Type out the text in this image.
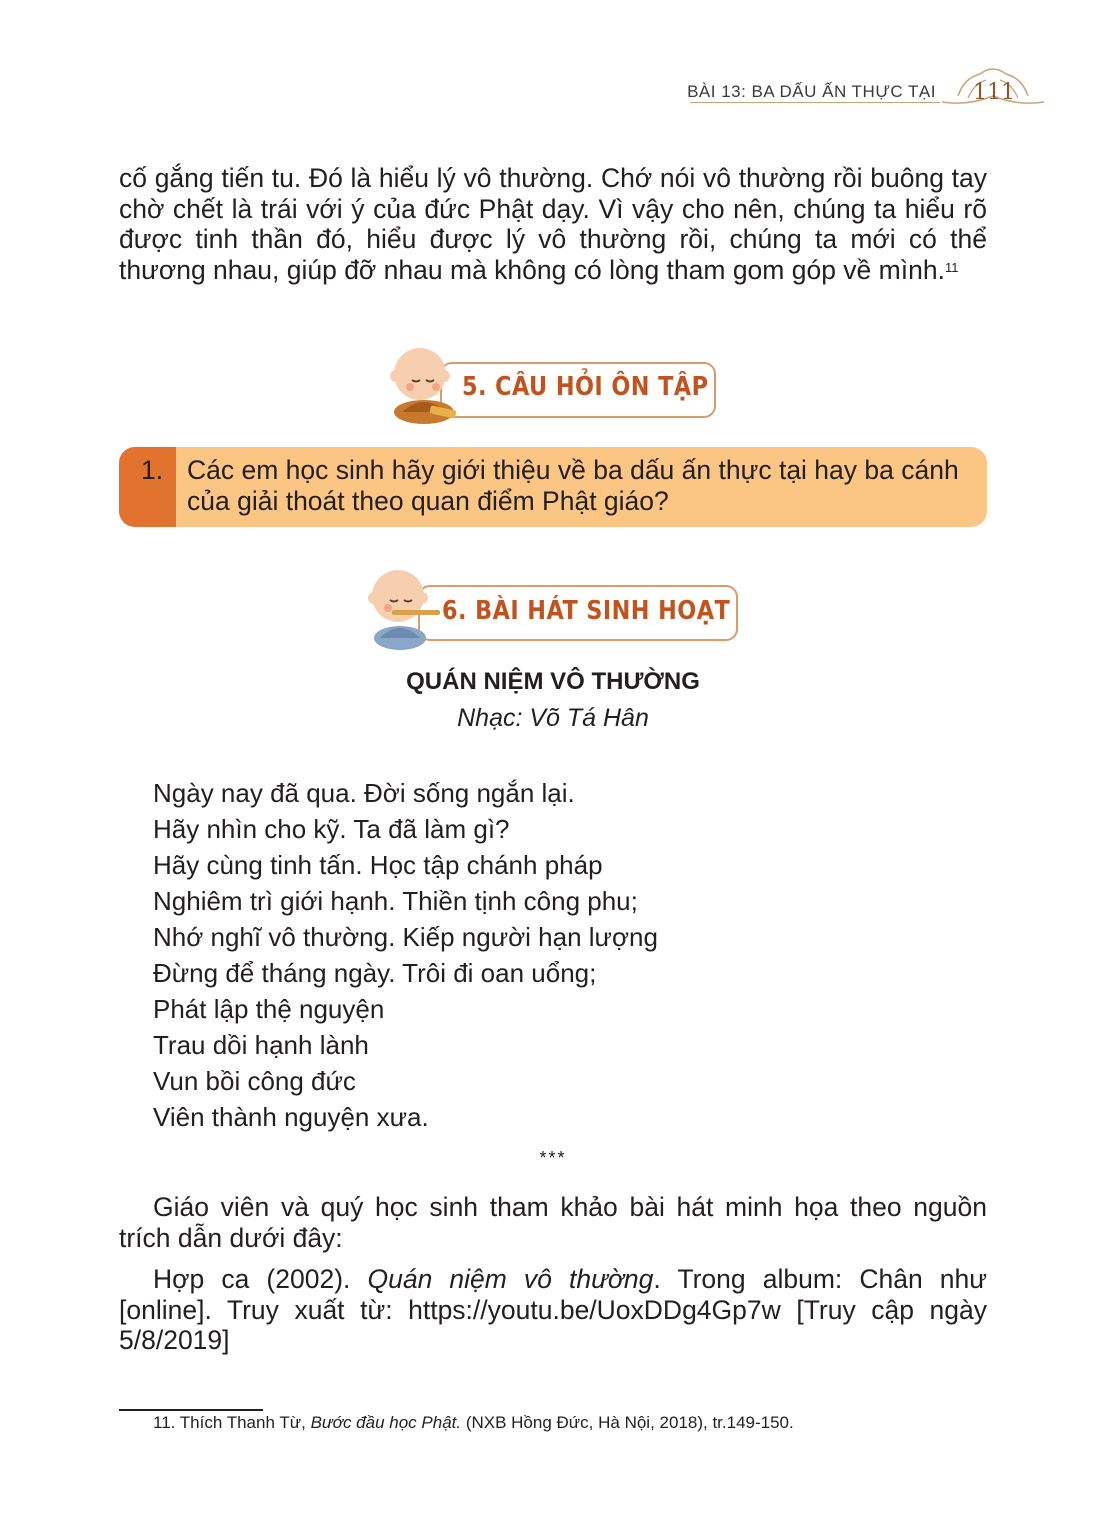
BÀI 13: BA DẤU ẤN THỰC TẠI 111

cố gắng tiến tu. Đó là hiểu lý vô thường. Chớ nói vô thường rồi buông tay chờ chết là trái với ý của đức Phật dạy. Vì vậy cho nên, chúng ta hiểu rõ được tinh thần đó, hiểu được lý vô thường rồi, chúng ta mới có thể thương nhau, giúp đỡ nhau mà không có lòng tham gom góp về mình.$^{11}$

5. CÂU HỎI ÔN TẬP
1. Các em học sinh hãy giới thiệu về ba dấu ấn thực tại hay ba cánh của giải thoát theo quan điểm Phật giáo?
6. BÀI HÁT SINH HOẠT
QUÁN NIỆM VÔ THƯỜNG
Nhạc: Võ Tá Hân
Ngày nay đã qua. Đời sống ngắn lại.
Hãy nhìn cho kỹ. Ta đã làm gì?
Hãy cùng tinh tấn. Học tập chánh pháp
Nghiêm trì giới hạnh. Thiền tịnh công phu;
Nhớ nghĩ vô thường. Kiếp người hạn lượng
Đừng để tháng ngày. Trôi đi oan uổng;
Phát lập thệ nguyện
Trau dồi hạnh lành
Vun bồi công đức
Viên thành nguyện xưa.
***

Giáo viên và quý học sinh tham khảo bài hát minh họa theo nguồn trích dẫn dưới đây:

Hợp ca (2002). Quán niệm vô thường. Trong album: Chân như [online]. Truy xuất từ: https://youtu.be/UoxDDg4Gp7w [Truy cập ngày 5/8/2019]

11. Thích Thanh Từ, Bước đầu học Phật. (NXB Hồng Đức, Hà Nội, 2018), tr.149-150.
